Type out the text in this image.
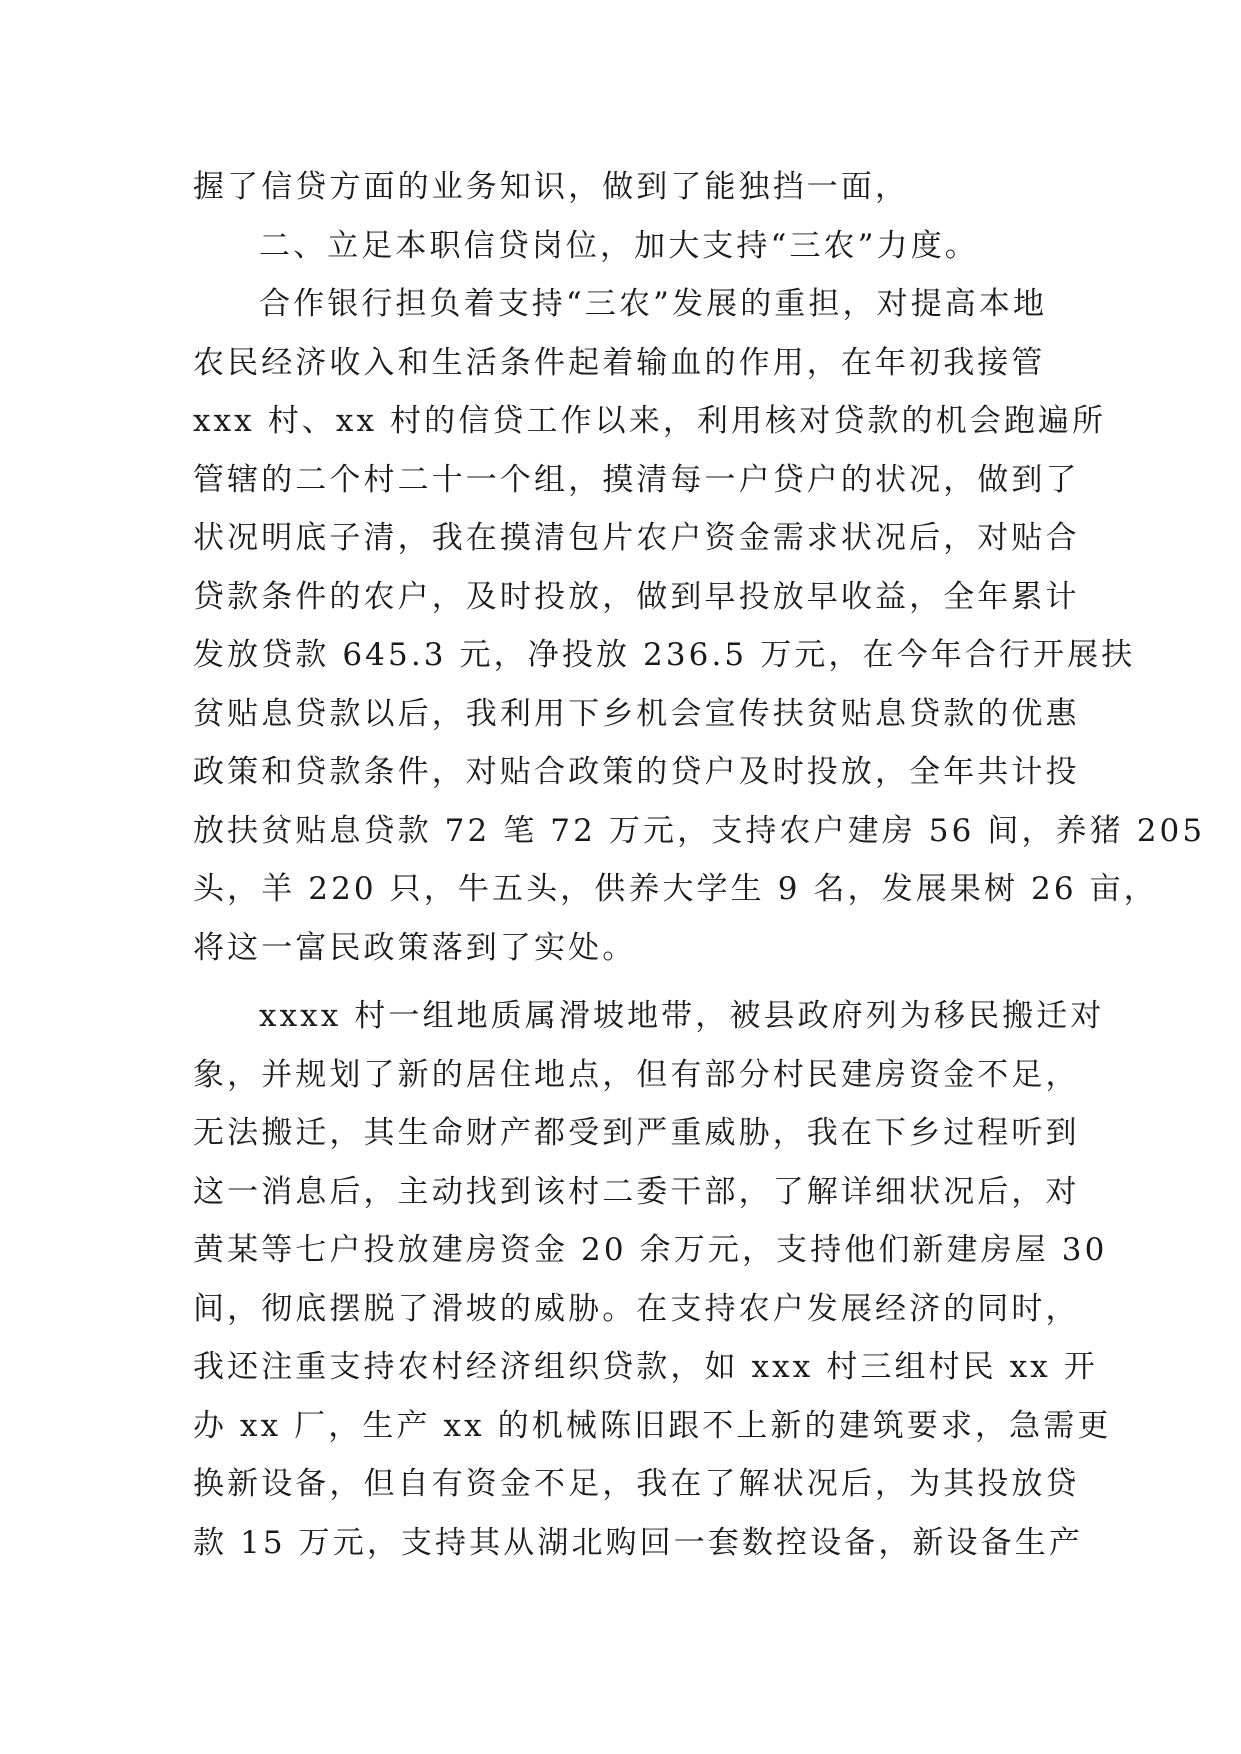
握了信贷方面的业务知识，做到了能独挡一面，
二、立足本职信贷岗位，加大支持“三农”力度。
合作银行担负着支持“三农”发展的重担，对提高本地
农民经济收入和生活条件起着输血的作用，在年初我接管
xxx 村、xx 村的信贷工作以来，利用核对贷款的机会跑遍所
管辖的二个村二十一个组，摸清每一户贷户的状况，做到了
状况明底子清，我在摸清包片农户资金需求状况后，对贴合
贷款条件的农户，及时投放，做到早投放早收益，全年累计
发放贷款 645.3 元，净投放 236.5 万元，在今年合行开展扶
贫贴息贷款以后，我利用下乡机会宣传扶贫贴息贷款的优惠
政策和贷款条件，对贴合政策的贷户及时投放，全年共计投
放扶贫贴息贷款 72 笔 72 万元，支持农户建房 56 间，养猪 205
头，羊 220 只，牛五头，供养大学生 9 名，发展果树 26 亩，
将这一富民政策落到了实处。
xxxx 村一组地质属滑坡地带，被县政府列为移民搬迁对
象，并规划了新的居住地点，但有部分村民建房资金不足，
无法搬迁，其生命财产都受到严重威胁，我在下乡过程听到
这一消息后，主动找到该村二委干部，了解详细状况后，对
黄某等七户投放建房资金 20 余万元，支持他们新建房屋 30
间，彻底摆脱了滑坡的威胁。在支持农户发展经济的同时，
我还注重支持农村经济组织贷款，如 xxx 村三组村民 xx 开
办 xx 厂，生产 xx 的机械陈旧跟不上新的建筑要求，急需更
换新设备，但自有资金不足，我在了解状况后，为其投放贷
款 15 万元，支持其从湖北购回一套数控设备，新设备生产
